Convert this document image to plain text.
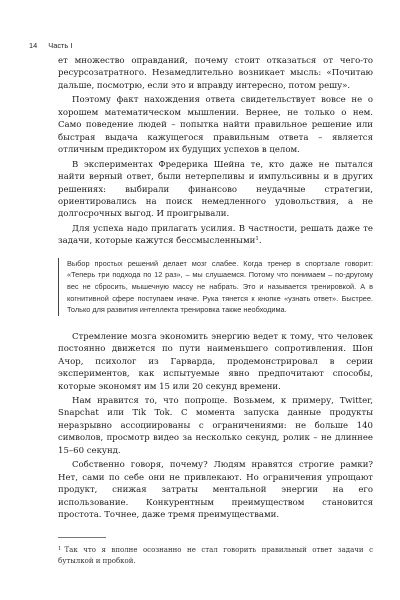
14 Часть I

ет множество оправданий, почему стоит отказаться от чего-то ресурсозатратного. Незамедлительно возникает мысль: «Почитаю дальше, посмотрю, если это и вправду интересно, потом решу».

Поэтому факт нахождения ответа свидетельствует вовсе не о хорошем математическом мышлении. Вернее, не только о нем. Само поведение людей – попытка найти правильное решение или быстрая выдача кажущегося правильным ответа – является отличным предиктором их будущих успехов в целом.

В экспериментах Фредерика Шейна те, кто даже не пытался найти верный ответ, были нетерпеливы и импульсивны и в других решениях: выбирали финансово неудачные стратегии, ориентировались на поиск немедленного удовольствия, а не долгосрочных выгод. И проигрывали.

Для успеха надо прилагать усилия. В частности, решать даже те задачи, которые кажутся бессмысленными$^1$.

Выбор простых решений делает мозг слабее. Когда тренер в спортзале говорит: «Теперь три подхода по 12 раз», – мы слушаемся. Потому что понимаем – по-другому вес не сбросить, мышечную массу не набрать. Это и называется тренировкой. А в когнитивной сфере поступаем иначе. Рука тянется к кнопке «узнать ответ». Быстрее. Только для развития интеллекта тренировка также необходима.

Стремление мозга экономить энергию ведет к тому, что человек постоянно движется по пути наименьшего сопротивления. Шон Ачор, психолог из Гарварда, продемонстрировал в серии экспериментов, как испытуемые явно предпочитают способы, которые экономят им 15 или 20 секунд времени.

Нам нравится то, что попроще. Возьмем, к примеру, Twitter, Snapchat или Tik Tok. С момента запуска данные продукты неразрывно ассоциированы с ограничениями: не больше 140 символов, просмотр видео за несколько секунд, ролик – не длиннее 15–60 секунд.

Собственно говоря, почему? Людям нравятся строгие рамки? Нет, сами по себе они не привлекают. Но ограничения упрощают продукт, снижая затраты ментальной энергии на его использование. Конкурентным преимуществом становится простота. Точнее, даже тремя преимуществами.

$^1$ Так что я вполне осознанно не стал говорить правильный ответ задачи с бутылкой и пробкой.
